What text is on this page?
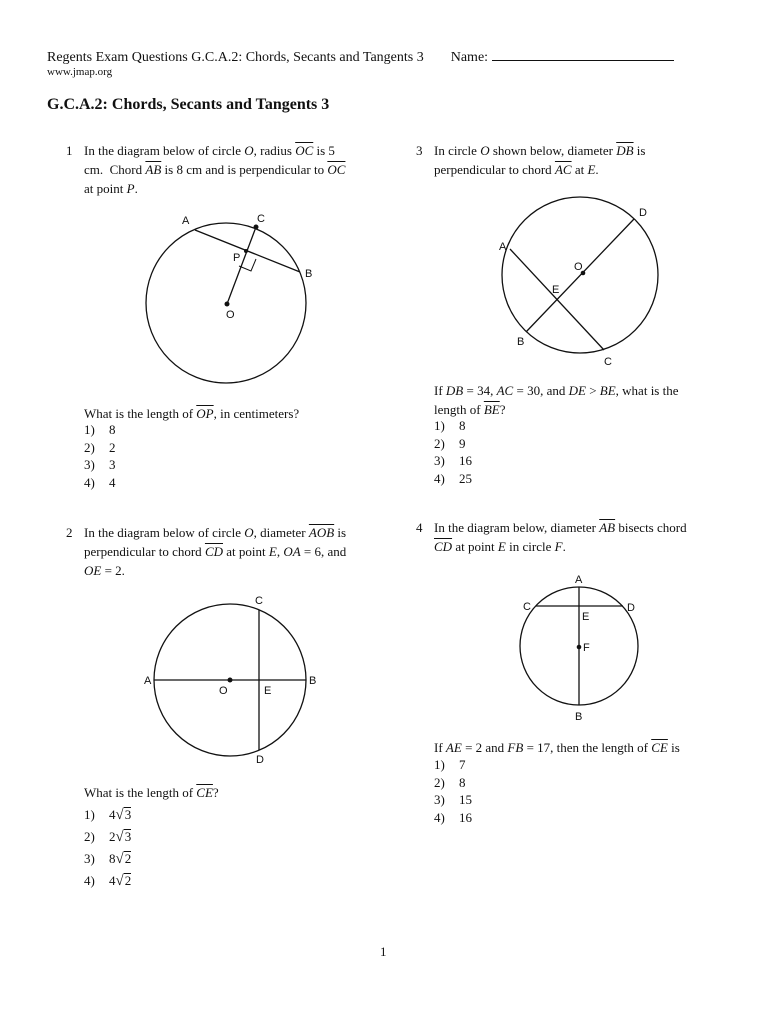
Regents Exam Questions G.C.A.2: Chords, Secants and Tangents 3 Name:
www.jmap.org
G.C.A.2: Chords, Secants and Tangents 3
1 In the diagram below of circle O, radius $\overline{OC}$ is 5
cm.  Chord $\overline{AB}$ is 8 cm and is perpendicular to $\overline{OC}$
at point P.
A	C
P
B
O
What is the length of $\overline{OP}$, in centimeters?
1) 8
2) 2
3) 3
4) 4
2 In the diagram below of circle O, diameter $\overline{AOB}$ is
perpendicular to chord $\overline{CD}$ at point E, OA = 6, and
OE = 2.
A	B
C
D
O	E
What is the length of $\overline{CE}$?
1) 4√3
2) 2√3
3) 8√2
4) 4√2
3 In circle O shown below, diameter $\overline{DB}$ is
perpendicular to chord $\overline{AC}$ at E.
D
A
O
E
B
C
If DB = 34, AC = 30, and DE > BE, what is the
length of $\overline{BE}$?
1) 8
2) 9
3) 16
4) 25
4 In the diagram below, diameter $\overline{AB}$ bisects chord
$\overline{CD}$ at point E in circle F.
A
C	D
E
F
B
If AE = 2 and FB = 17, then the length of $\overline{CE}$ is
1) 7
2) 8
3) 15
4) 16
1
